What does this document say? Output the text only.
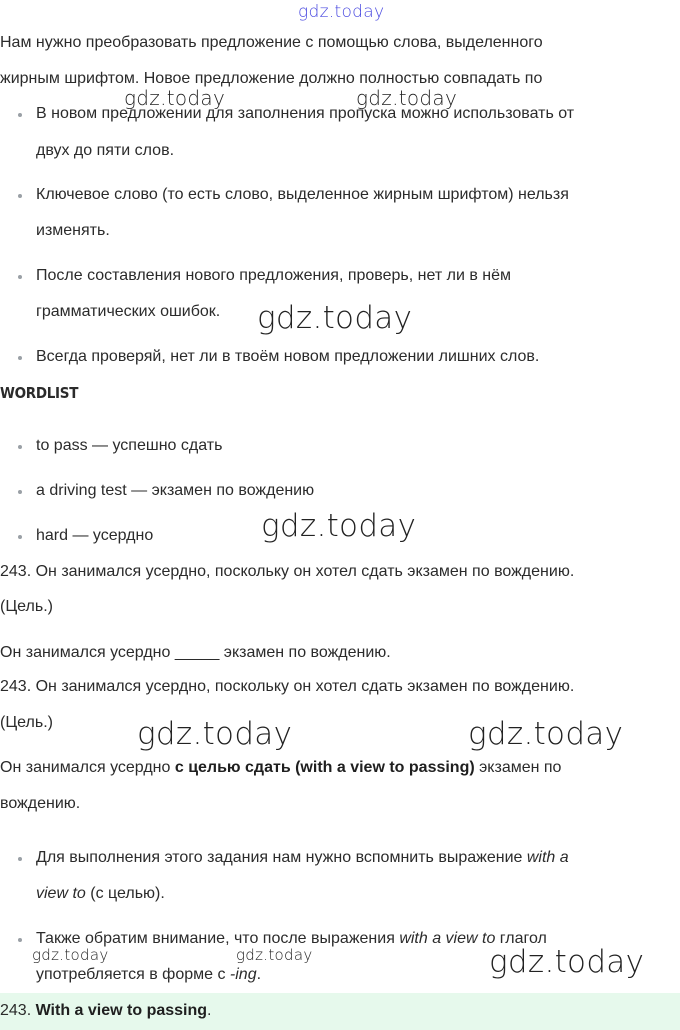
Нам нужно преобразовать предложение с помощью слова, выделенного
жирным шрифтом. Новое предложение должно полностью совпадать по
В новом предложении для заполнения пропуска можно использовать от
двух до пяти слов.
Ключевое слово (то есть слово, выделенное жирным шрифтом) нельзя
изменять.
После составления нового предложения, проверь, нет ли в нём
грамматических ошибок.
Всегда проверяй, нет ли в твоём новом предложении лишних слов.
WORDLIST
to pass — успешно сдать
a driving test — экзамен по вождению
hard — усердно
243. Он занимался усердно, поскольку он хотел сдать экзамен по вождению.
(Цель.)
Он занимался усердно _____ экзамен по вождению.
243. Он занимался усердно, поскольку он хотел сдать экзамен по вождению.
(Цель.)
Он занимался усердно с целью сдать (with a view to passing) экзамен по
вождению.
Для выполнения этого задания нам нужно вспомнить выражение with a
view to (с целью).
Также обратим внимание, что после выражения with a view to глагол
употребляется в форме с -ing.
243. With a view to passing.
gdz.today
gdz.today	gdz.today
gdz.today
gdz.today
gdz.today	gdz.today
gdz.today	gdz.today	gdz.today
